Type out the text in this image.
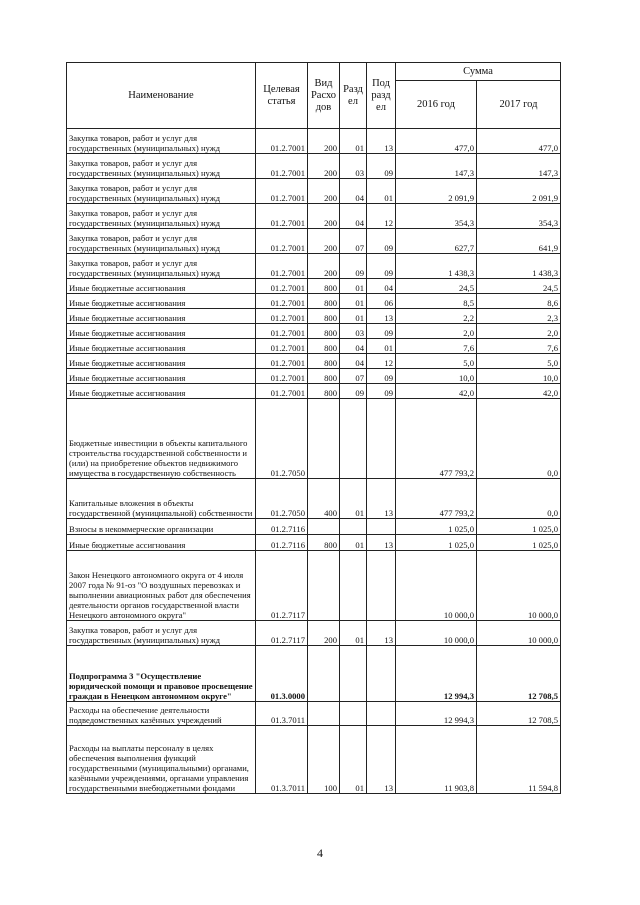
Наименование	Целевая статья	Вид Расхо дов	Разд ел	Под разд ел	Сумма	
					2016 год	2017 год
Закупка товаров, работ и услуг для государственных (муниципальных) нужд	01.2.7001	200	01	13	477,0	477,0
Закупка товаров, работ и услуг для государственных (муниципальных) нужд	01.2.7001	200	03	09	147,3	147,3
Закупка товаров, работ и услуг для государственных (муниципальных) нужд	01.2.7001	200	04	01	2 091,9	2 091,9
Закупка товаров, работ и услуг для государственных (муниципальных) нужд	01.2.7001	200	04	12	354,3	354,3
Закупка товаров, работ и услуг для государственных (муниципальных) нужд	01.2.7001	200	07	09	627,7	641,9
Закупка товаров, работ и услуг для государственных (муниципальных) нужд	01.2.7001	200	09	09	1 438,3	1 438,3
Иные бюджетные ассигнования	01.2.7001	800	01	04	24,5	24,5
Иные бюджетные ассигнования	01.2.7001	800	01	06	8,5	8,6
Иные бюджетные ассигнования	01.2.7001	800	01	13	2,2	2,3
Иные бюджетные ассигнования	01.2.7001	800	03	09	2,0	2,0
Иные бюджетные ассигнования	01.2.7001	800	04	01	7,6	7,6
Иные бюджетные ассигнования	01.2.7001	800	04	12	5,0	5,0
Иные бюджетные ассигнования	01.2.7001	800	07	09	10,0	10,0
Иные бюджетные ассигнования	01.2.7001	800	09	09	42,0	42,0
Бюджетные инвестиции в объекты капитального строительства государственной собственности и (или) на приобретение объектов недвижимого имущества в государственную собственность	01.2.7050				477 793,2	0,0
Капитальные вложения в объекты государственной (муниципальной) собственности	01.2.7050	400	01	13	477 793,2	0,0
Взносы в некоммерческие организации	01.2.7116				1 025,0	1 025,0
Иные бюджетные ассигнования	01.2.7116	800	01	13	1 025,0	1 025,0
Закон Ненецкого автономного округа от 4 июля 2007 года № 91-оз "О воздушных перевозках и выполнении авиационных работ для обеспечения деятельности органов государственной власти Ненецкого автономного округа"	01.2.7117				10 000,0	10 000,0
Закупка товаров, работ и услуг для государственных (муниципальных) нужд	01.2.7117	200	01	13	10 000,0	10 000,0
Подпрограмма 3 "Осуществление юридической помощи и правовое просвещение граждан в Ненецком автономном округе"	01.3.0000				12 994,3	12 708,5
Расходы на обеспечение деятельности подведомственных казённых учреждений	01.3.7011				12 994,3	12 708,5
Расходы на выплаты персоналу в целях обеспечения выполнения функций государственными (муниципальными) органами, казёнными учреждениями, органами управления государственными внебюджетными фондами	01.3.7011	100	01	13	11 903,8	11 594,8
4
